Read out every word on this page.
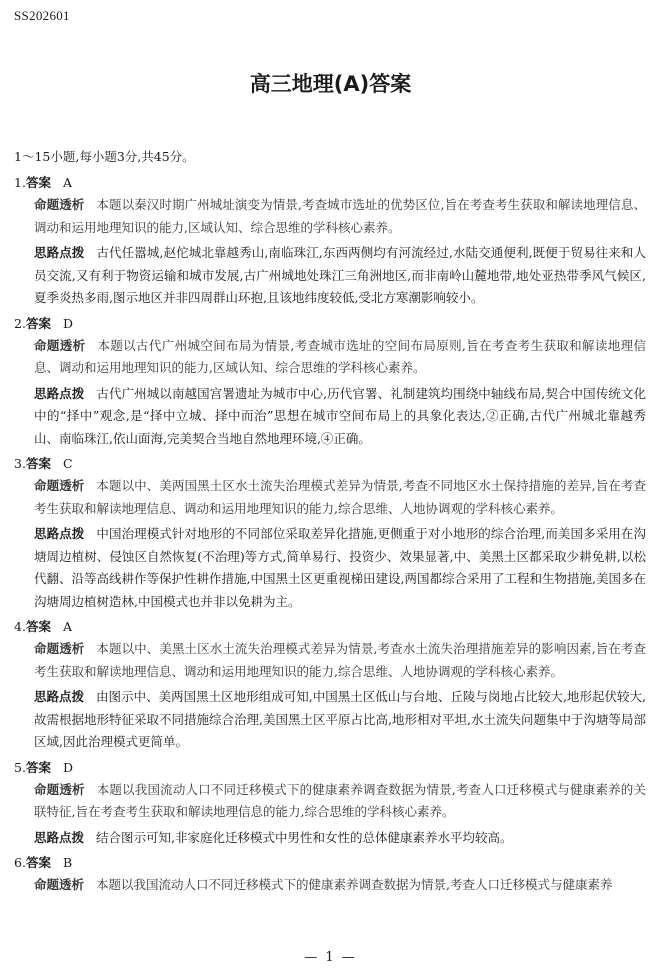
SS202601
高三地理(A)答案
1～15小题,每小题3分,共45分。
1.答案 A

命题透析 本题以秦汉时期广州城址演变为情景,考查城市选址的优势区位,旨在考查考生获取和解读地理信息、调动和运用地理知识的能力,区域认知、综合思维的学科核心素养。

思路点拨 古代任嚣城,赵佗城北靠越秀山,南临珠江,东西两侧均有河流经过,水陆交通便利,既便于贸易往来和人员交流,又有利于物资运输和城市发展,古广州城地处珠江三角洲地区,而非南岭山麓地带,地处亚热带季风气候区,夏季炎热多雨,图示地区并非四周群山环抱,且该地纬度较低,受北方寒潮影响较小。

2.答案 D

命题透析 本题以古代广州城空间布局为情景,考查城市选址的空间布局原则,旨在考查考生获取和解读地理信息、调动和运用地理知识的能力,区域认知、综合思维的学科核心素养。

思路点拨 古代广州城以南越国宫署遗址为城市中心,历代官署、礼制建筑均围绕中轴线布局,契合中国传统文化中的“择中”观念,是“择中立城、择中而治”思想在城市空间布局上的具象化表达,②正确,古代广州城北靠越秀山、南临珠江,依山面海,完美契合当地自然地理环境,④正确。

3.答案 C

命题透析 本题以中、美两国黑土区水土流失治理模式差异为情景,考查不同地区水土保持措施的差异,旨在考查考生获取和解读地理信息、调动和运用地理知识的能力,综合思维、人地协调观的学科核心素养。

思路点拨 中国治理模式针对地形的不同部位采取差异化措施,更侧重于对小地形的综合治理,而美国多采用在沟塘周边植树、侵蚀区自然恢复(不治理)等方式,简单易行、投资少、效果显著,中、美黑土区都采取少耕免耕,以松代翻、沿等高线耕作等保护性耕作措施,中国黑土区更重视梯田建设,两国都综合采用了工程和生物措施,美国多在沟塘周边植树造林,中国模式也并非以免耕为主。

4.答案 A

命题透析 本题以中、美黑土区水土流失治理模式差异为情景,考查水土流失治理措施差异的影响因素,旨在考查考生获取和解读地理信息、调动和运用地理知识的能力,综合思维、人地协调观的学科核心素养。

思路点拨 由图示中、美两国黑土区地形组成可知,中国黑土区低山与台地、丘陵与岗地占比较大,地形起伏较大,故需根据地形特征采取不同措施综合治理,美国黑土区平原占比高,地形相对平坦,水土流失问题集中于沟塘等局部区域,因此治理模式更简单。

5.答案 D

命题透析 本题以我国流动人口不同迁移模式下的健康素养调查数据为情景,考查人口迁移模式与健康素养的关联特征,旨在考查考生获取和解读地理信息的能力,综合思维的学科核心素养。

思路点拨 结合图示可知,非家庭化迁移模式中男性和女性的总体健康素养水平均较高。

6.答案 B

命题透析 本题以我国流动人口不同迁移模式下的健康素养调查数据为情景,考查人口迁移模式与健康素养

— 1 —
